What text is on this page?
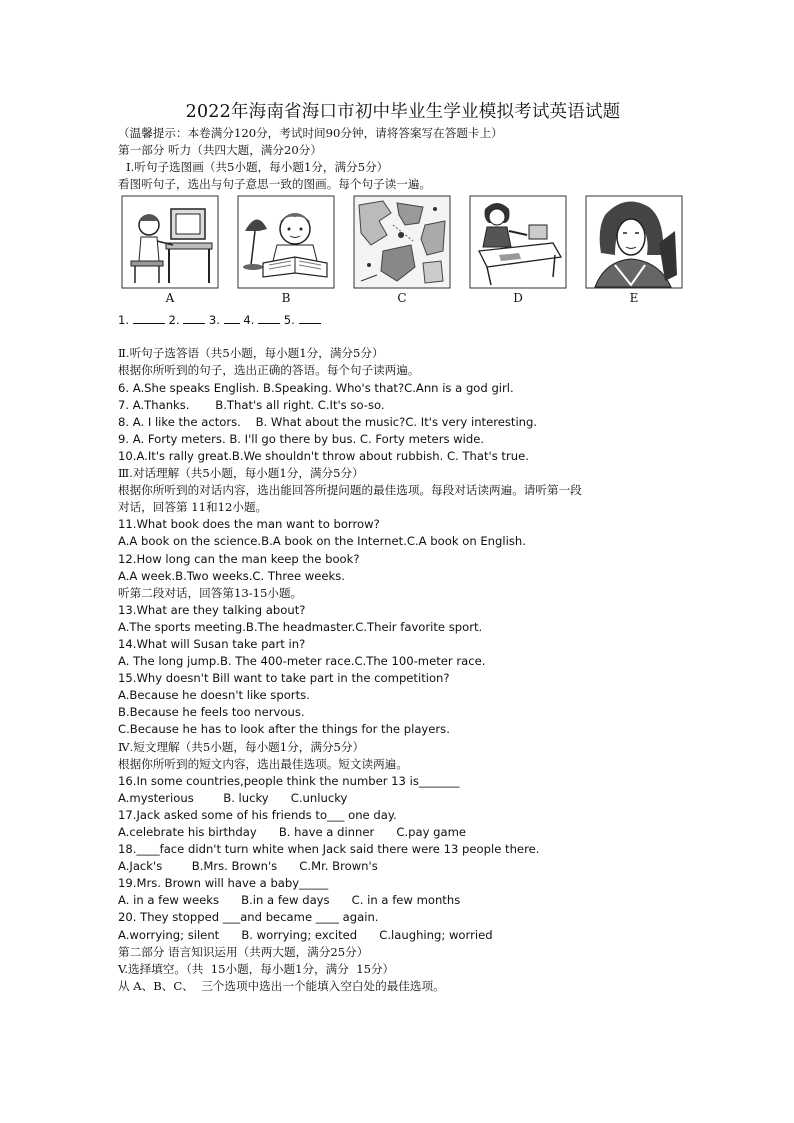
2022年海南省海口市初中毕业生学业模拟考试英语试题
（温馨提示：本卷满分120分，考试时间90分钟，请将答案写在答题卡上）
第一部分 听力（共四大题，满分20分）
Ⅰ.听句子选图画（共5小题，每小题1分，满分5分）
看图听句子，选出与句子意思一致的图画。每个句子读一遍。
A	B	C	D	E
1.	2.	3. 4.	5.
Ⅱ.听句子选答语（共5小题，每小题1分，满分5分）
根据你所听到的句子，选出正确的答语。每个句子读两遍。
6. A.She speaks English. B.Speaking. Who's that?C.Ann is a god girl.
7. A.Thanks.       B.That's all right. C.It's so-so.
8. A. I like the actors.    B. What about the music?C. It's very interesting.
9. A. Forty meters. B. I'll go there by bus. C. Forty meters wide.
10.A.It's rally great.B.We shouldn't throw about rubbish. C. That's true.
Ⅲ.对话理解（共5小题，每小题1分，满分5分）
根据你所听到的对话内容，选出能回答所提问题的最佳选项。每段对话读两遍。请听第一段
对话，回答第 11和12小题。
11.What book does the man want to borrow?
A.A book on the science.B.A book on the Internet.C.A book on English.
12.How long can the man keep the book?
A.A week.B.Two weeks.C. Three weeks.
听第二段对话，回答第13-15小题。
13.What are they talking about?
A.The sports meeting.B.The headmaster.C.Their favorite sport.
14.What will Susan take part in?
A. The long jump.B. The 400-meter race.C.The 100-meter race.
15.Why doesn't Bill want to take part in the competition?
A.Because he doesn't like sports.
B.Because he feels too nervous.
C.Because he has to look after the things for the players.
Ⅳ.短文理解（共5小题，每小题1分，满分5分）
根据你所听到的短文内容，选出最佳选项。短文读两遍。
16.In some countries,people think the number 13 is_______
A.mysterious        B. lucky      C.unlucky
17.Jack asked some of his friends to___ one day.
A.celebrate his birthday      B. have a dinner      C.pay game
18.____face didn't turn white when Jack said there were 13 people there.
A.Jack's        B.Mrs. Brown's      C.Mr. Brown's
19.Mrs. Brown will have a baby_____
A. in a few weeks      B.in a few days      C. in a few months
20. They stopped ___and became ____ again.
A.worrying; silent      B. worrying; excited      C.laughing; worried
第二部分 语言知识运用（共两大题，满分25分）
V.选择填空。（共  15小题，每小题1分，满分  15分）
从 A、B、C、  三个选项中选出一个能填入空白处的最佳选项。
